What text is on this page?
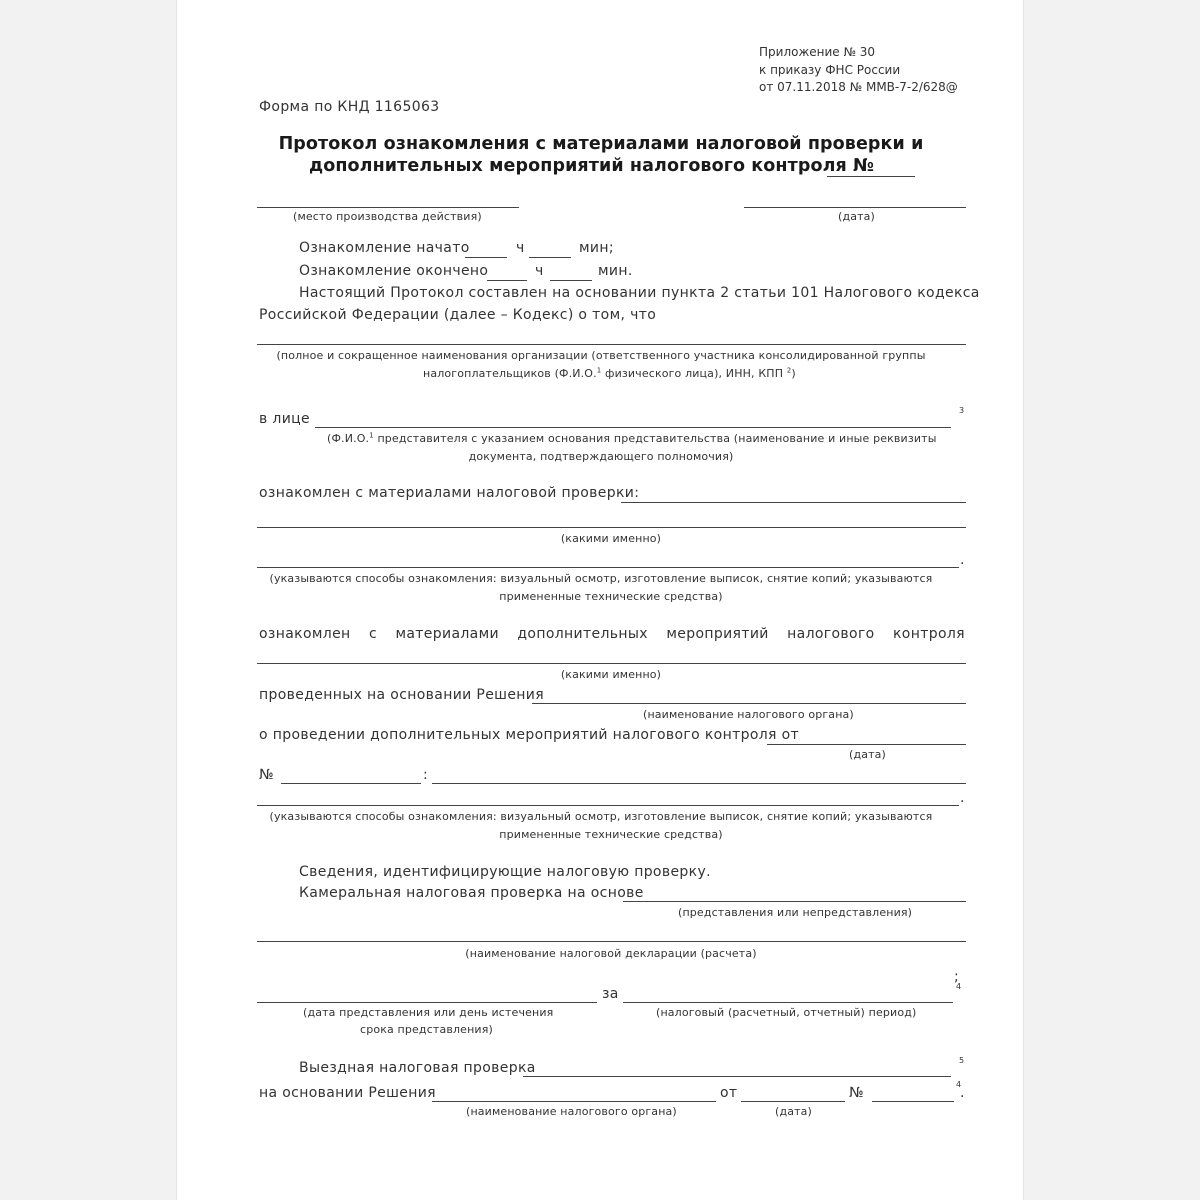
Приложение № 30
к приказу ФНС России
от 07.11.2018 № ММВ-7-2/628@
Форма по КНД 1165063
Протокол ознакомления с материалами налоговой проверки и
дополнительных мероприятий налогового контроля №
(место производства действия)	(дата)
Ознакомление начато	ч	мин;
Ознакомление окончено	ч	мин.
Настоящий Протокол составлен на основании пункта 2 статьи 101 Налогового кодекса
Российской Федерации (далее – Кодекс) о том, что
(полное и сокращенное наименования организации (ответственного участника консолидированной группы
налогоплательщиков (Ф.И.О.$^1$ физического лица), ИНН, КПП $^2$)
в лице
3
(Ф.И.О.$^1$ представителя с указанием основания представительства (наименование и иные реквизиты
документа, подтверждающего полномочия)
ознакомлен с материалами налоговой проверки:
(какими именно)
.
(указываются способы ознакомления: визуальный осмотр, изготовление выписок, снятие копий; указываются
примененные технические средства)
ознакомлен с материалами дополнительных мероприятий налогового контроля
(какими именно)
проведенных на основании Решения
(наименование налогового органа)
о проведении дополнительных мероприятий налогового контроля от
(дата)
№	:
.
(указываются способы ознакомления: визуальный осмотр, изготовление выписок, снятие копий; указываются
примененные технические средства)
Сведения, идентифицирующие налоговую проверку.
Камеральная налоговая проверка на основе
(представления или непредставления)
(наименование налоговой декларации (расчета)
за
;
4
(дата представления или день истечения
срока представления)
(налоговый (расчетный, отчетный) период)
Выездная налоговая проверка	5
на основании Решения	от	№
4
.
(наименование налогового органа)	(дата)
